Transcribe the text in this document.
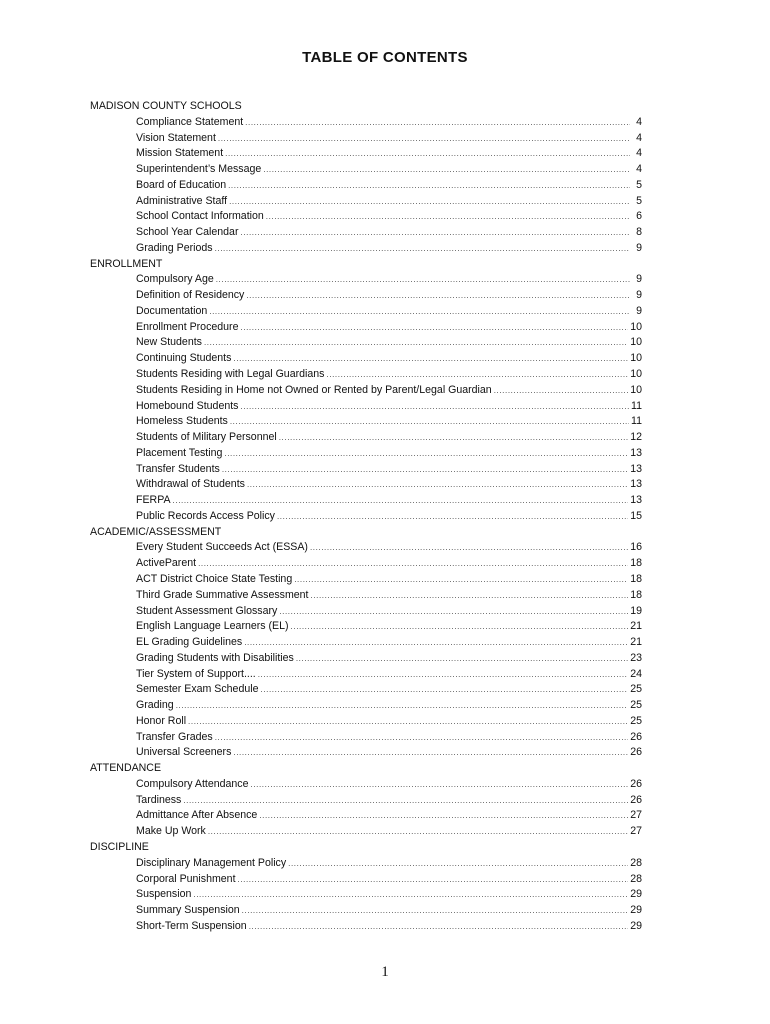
TABLE OF CONTENTS
MADISON COUNTY SCHOOLS
Compliance Statement .....	4
Vision Statement .....	4
Mission Statement .....	4
Superintendent’s Message .....	4
Board of Education .....	5
Administrative Staff .....	5
School Contact Information .....	6
School Year Calendar .....	8
Grading Periods .....	9
ENROLLMENT
Compulsory Age .....	9
Definition of Residency .....	9
Documentation .....	9
Enrollment Procedure .....	10
New Students .....	10
Continuing Students .....	10
Students Residing with Legal Guardians .....	10
Students Residing in Home not Owned or Rented by Parent/Legal Guardian .....	10
Homebound Students .....	11
Homeless Students .....	11
Students of Military Personnel .....	12
Placement Testing .....	13
Transfer Students .....	13
Withdrawal of Students .....	13
FERPA .....	13
Public Records Access Policy .....	15
ACADEMIC/ASSESSMENT
Every Student Succeeds Act (ESSA) .....	16
ActiveParent .....	18
ACT District Choice State Testing .....	18
Third Grade Summative Assessment .....	18
Student Assessment Glossary .....	19
English Language Learners (EL) .....	21
EL Grading Guidelines .....	21
Grading Students with Disabilities .....	23
Tier System of Support.... .....	24
Semester Exam Schedule .....	25
Grading .....	25
Honor Roll .....	25
Transfer Grades .....	26
Universal Screeners .....	26
ATTENDANCE
Compulsory Attendance .....	26
Tardiness .....	26
Admittance After Absence .....	27
Make Up Work .....	27
DISCIPLINE
Disciplinary Management Policy .....	28
Corporal Punishment .....	28
Suspension .....	29
Summary Suspension .....	29
Short-Term Suspension .....	29
1
